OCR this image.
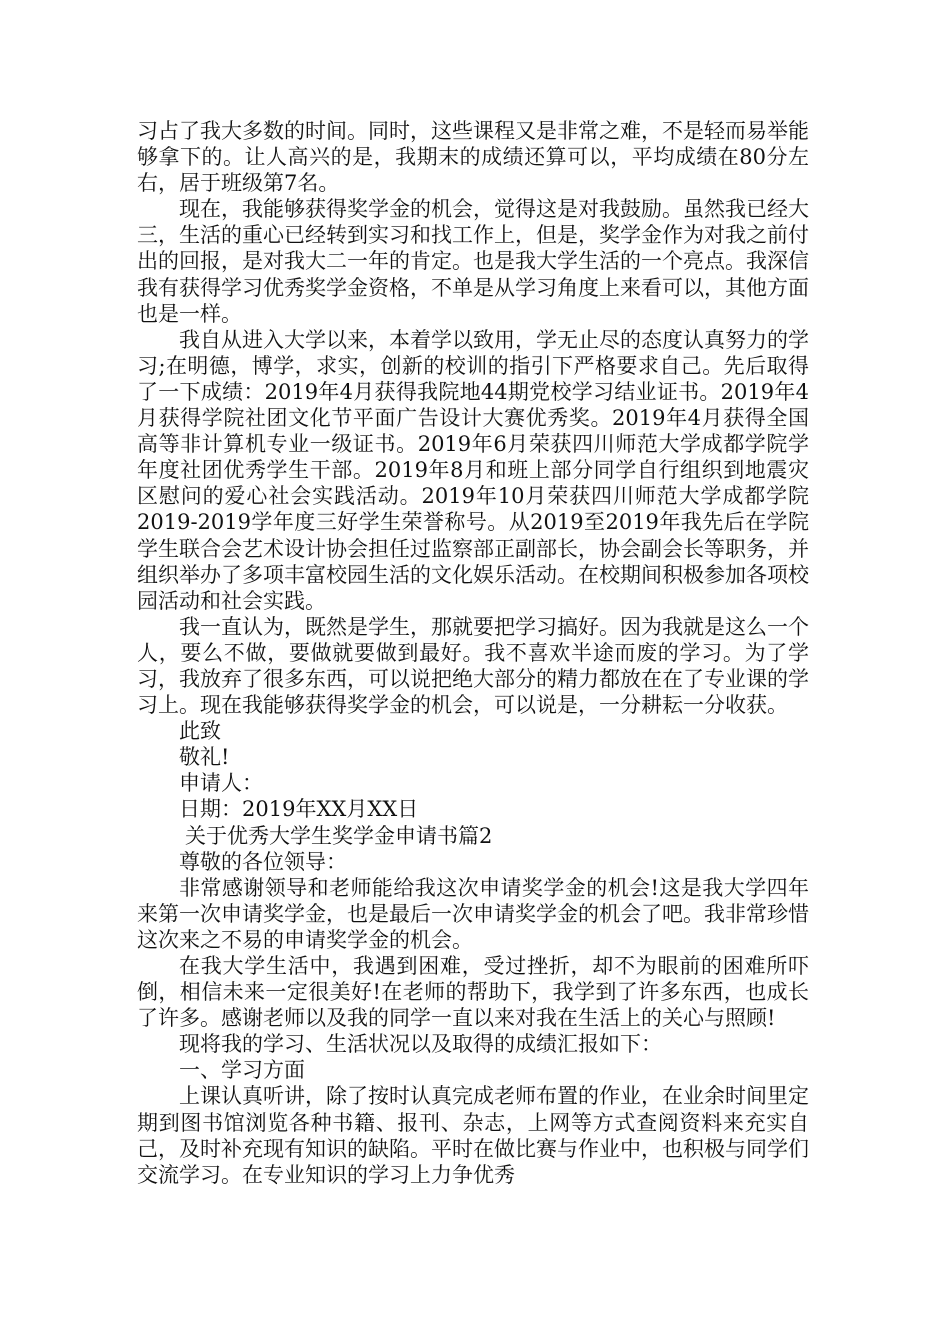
习占了我大多数的时间。同时，这些课程又是非常之难，不是轻而易举能够拿下的。让人高兴的是，我期末的成绩还算可以，平均成绩在80分左右，居于班级第7名。

现在，我能够获得奖学金的机会，觉得这是对我鼓励。虽然我已经大三，生活的重心已经转到实习和找工作上，但是，奖学金作为对我之前付出的回报，是对我大二一年的肯定。也是我大学生活的一个亮点。我深信我有获得学习优秀奖学金资格，不单是从学习角度上来看可以，其他方面也是一样。

我自从进入大学以来，本着学以致用，学无止尽的态度认真努力的学习;在明德，博学，求实，创新的校训的指引下严格要求自己。先后取得了一下成绩：2019年4月获得我院地44期党校学习结业证书。2019年4月获得学院社团文化节平面广告设计大赛优秀奖。2019年4月获得全国高等非计算机专业一级证书。2019年6月荣获四川师范大学成都学院学年度社团优秀学生干部。2019年8月和班上部分同学自行组织到地震灾区慰问的爱心社会实践活动。2019年10月荣获四川师范大学成都学院2019-2019学年度三好学生荣誉称号。从2019至2019年我先后在学院学生联合会艺术设计协会担任过监察部正副部长，协会副会长等职务，并组织举办了多项丰富校园生活的文化娱乐活动。在校期间积极参加各项校园活动和社会实践。

我一直认为，既然是学生，那就要把学习搞好。因为我就是这么一个人，要么不做，要做就要做到最好。我不喜欢半途而废的学习。为了学习，我放弃了很多东西，可以说把绝大部分的精力都放在在了专业课的学习上。现在我能够获得奖学金的机会，可以说是，一分耕耘一分收获。

此致

敬礼!

申请人：

日期：2019年XX月XX日

关于优秀大学生奖学金申请书篇2

尊敬的各位领导：

非常感谢领导和老师能给我这次申请奖学金的机会!这是我大学四年来第一次申请奖学金，也是最后一次申请奖学金的机会了吧。我非常珍惜这次来之不易的申请奖学金的机会。

在我大学生活中，我遇到困难，受过挫折，却不为眼前的困难所吓倒，相信未来一定很美好!在老师的帮助下，我学到了许多东西，也成长了许多。感谢老师以及我的同学一直以来对我在生活上的关心与照顾!

现将我的学习、生活状况以及取得的成绩汇报如下：

一、学习方面

上课认真听讲，除了按时认真完成老师布置的作业，在业余时间里定期到图书馆浏览各种书籍、报刊、杂志，上网等方式查阅资料来充实自己，及时补充现有知识的缺陷。平时在做比赛与作业中，也积极与同学们交流学习。在专业知识的学习上力争优秀
